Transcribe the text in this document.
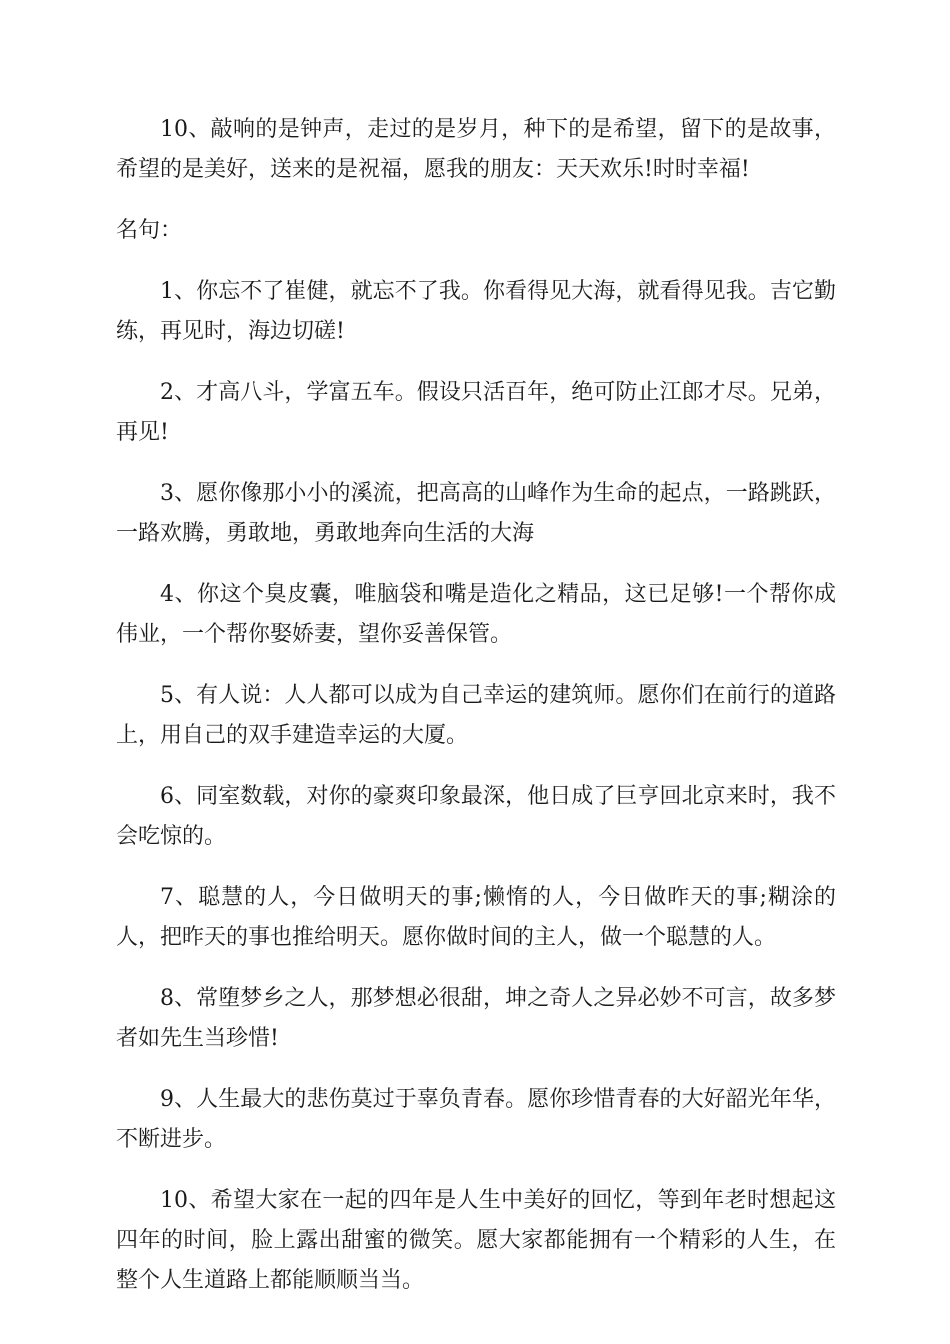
10、敲响的是钟声，走过的是岁月，种下的是希望，留下的是故事，希望的是美好，送来的是祝福，愿我的朋友：天天欢乐!时时幸福!

名句：

1、你忘不了崔健，就忘不了我。你看得见大海，就看得见我。吉它勤练，再见时，海边切磋!

2、才高八斗，学富五车。假设只活百年，绝可防止江郎才尽。兄弟，再见!

3、愿你像那小小的溪流，把高高的山峰作为生命的起点，一路跳跃，一路欢腾，勇敢地，勇敢地奔向生活的大海

4、你这个臭皮囊，唯脑袋和嘴是造化之精品，这已足够!一个帮你成伟业，一个帮你娶娇妻，望你妥善保管。

5、有人说：人人都可以成为自己幸运的建筑师。愿你们在前行的道路上，用自己的双手建造幸运的大厦。

6、同室数载，对你的豪爽印象最深，他日成了巨亨回北京来时，我不会吃惊的。

7、聪慧的人，今日做明天的事;懒惰的人，今日做昨天的事;糊涂的人，把昨天的事也推给明天。愿你做时间的主人，做一个聪慧的人。

8、常堕梦乡之人，那梦想必很甜，坤之奇人之异必妙不可言，故多梦者如先生当珍惜!

9、人生最大的悲伤莫过于辜负青春。愿你珍惜青春的大好韶光年华，不断进步。

10、希望大家在一起的四年是人生中美好的回忆，等到年老时想起这四年的时间，脸上露出甜蜜的微笑。愿大家都能拥有一个精彩的人生，在整个人生道路上都能顺顺当当。
